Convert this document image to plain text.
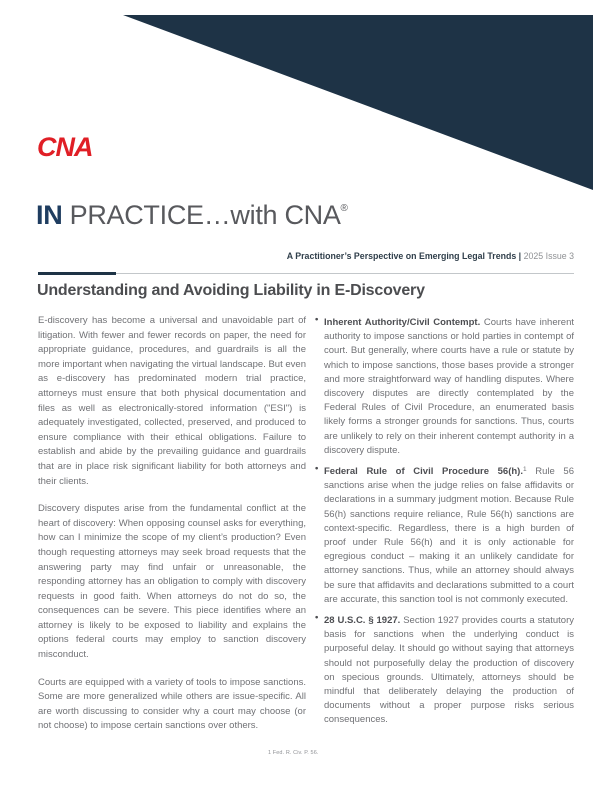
CNA
IN PRACTICE…with CNA®
A Practitioner’s Perspective on Emerging Legal Trends | 2025 Issue 3
Understanding and Avoiding Liability in E-Discovery

E-discovery has become a universal and unavoidable part of litigation. With fewer and fewer records on paper, the need for appropriate guidance, procedures, and guardrails is all the more important when navigating the virtual landscape. But even as e-discovery has predominated modern trial practice, attorneys must ensure that both physical documentation and files as well as electronically-stored information ("ESI") is adequately investigated, collected, preserved, and produced to ensure compliance with their ethical obligations. Failure to establish and abide by the prevailing guidance and guardrails that are in place risk significant liability for both attorneys and their clients.

Discovery disputes arise from the fundamental conflict at the heart of discovery: When opposing counsel asks for everything, how can I minimize the scope of my client’s production? Even though requesting attorneys may seek broad requests that the answering party may find unfair or unreasonable, the responding attorney has an obligation to comply with discovery requests in good faith. When attorneys do not do so, the consequences can be severe. This piece identifies where an attorney is likely to be exposed to liability and explains the options federal courts may employ to sanction discovery misconduct.

Courts are equipped with a variety of tools to impose sanctions. Some are more generalized while others are issue-specific. All are worth discussing to consider why a court may choose (or not choose) to impose certain sanctions over others.

• Inherent Authority/Civil Contempt. Courts have inherent authority to impose sanctions or hold parties in contempt of court. But generally, where courts have a rule or statute by which to impose sanctions, those bases provide a stronger and more straightforward way of handling disputes. Where discovery disputes are directly contemplated by the Federal Rules of Civil Procedure, an enumerated basis likely forms a stronger grounds for sanctions. Thus, courts are unlikely to rely on their inherent contempt authority in a discovery dispute.
• Federal Rule of Civil Procedure 56(h).$^1$ Rule 56 sanctions arise when the judge relies on false affidavits or declarations in a summary judgment motion. Because Rule 56(h) sanctions require reliance, Rule 56(h) sanctions are context-specific. Regardless, there is a high burden of proof under Rule 56(h) and it is only actionable for egregious conduct – making it an unlikely candidate for attorney sanctions. Thus, while an attorney should always be sure that affidavits and declarations submitted to a court are accurate, this sanction tool is not commonly executed.
• 28 U.S.C. § 1927. Section 1927 provides courts a statutory basis for sanctions when the underlying conduct is purposeful delay. It should go without saying that attorneys should not purposefully delay the production of discovery on specious grounds. Ultimately, attorneys should be mindful that deliberately delaying the production of documents without a proper purpose risks serious consequences.
1 Fed. R. Civ. P. 56.
